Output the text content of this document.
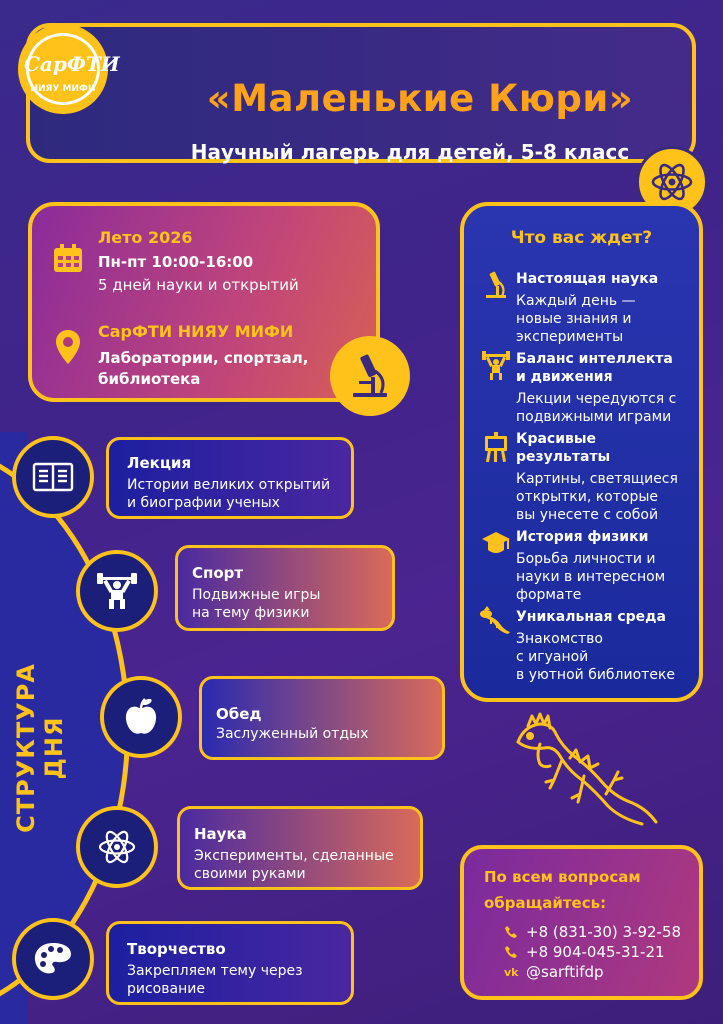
«Маленькие Кюри»
Научный лагерь для детей, 5-8 класс
СарФТИ
НИЯУ МИФИ
Лето 2026
Пн-пт 10:00-16:00
5 дней науки и открытий
СарФТИ НИЯУ МИФИ
Лаборатории, спортзал,
библиотека
Что вас ждет?
Настоящая наука
Каждый день —
новые знания и
эксперименты
Баланс интеллекта
и движения
Лекции чередуются с
подвижными играми
Красивые
результаты
Картины, светящиеся
открытки, которые
вы унесете с собой
История физики
Борьба личности и
науки в интересном
формате
Уникальная среда
Знакомство
с игуаной
в уютной библиотеке
СТРУКТУРА ДНЯ
Лекция
Истории великих открытий
и биографии ученых
Спорт
Подвижные игры
на тему физики
Обед
Заслуженный отдых
Наука
Эксперименты, сделанные
своими руками
Творчество
Закрепляем тему через
рисование
По всем вопросам
обращайтесь:
+8 (831-30) 3-92-58
+8 904-045-31-21
vk @sarftifdp
